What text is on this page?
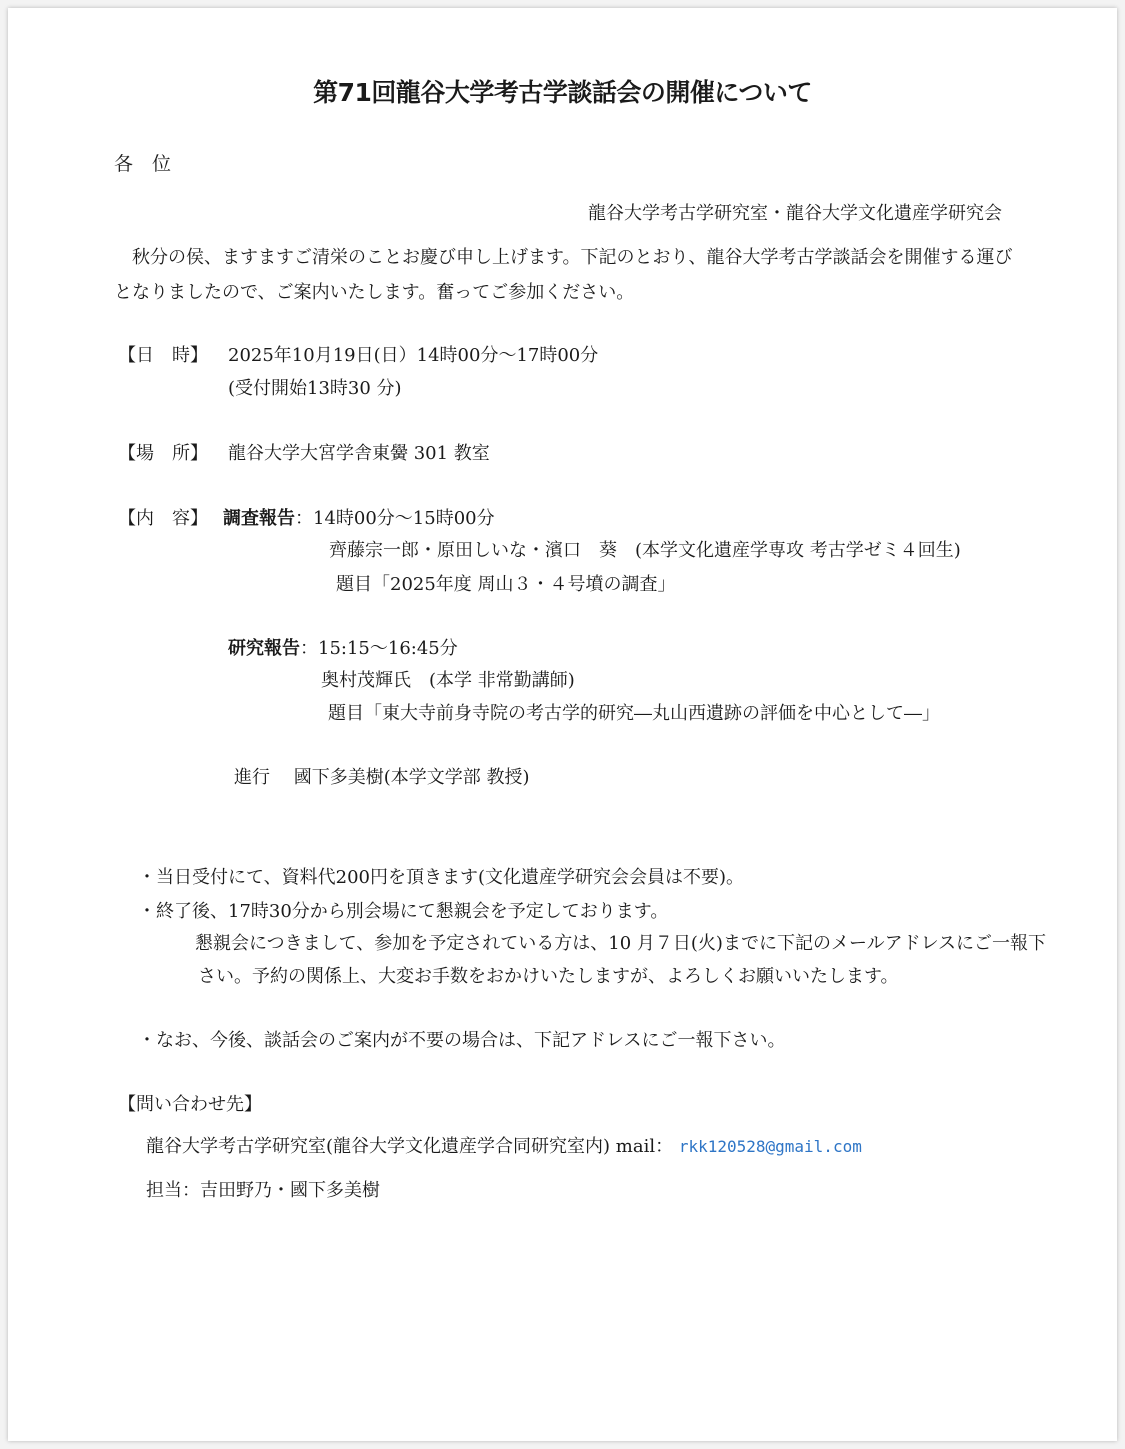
第71回龍谷大学考古学談話会の開催について
各　位
龍谷大学考古学研究室・龍谷大学文化遺産学研究会
秋分の侯、ますますご清栄のことお慶び申し上げます。下記のとおり、龍谷大学考古学談話会を開催する運び
となりましたので、ご案内いたします。奮ってご参加ください。
【日　時】 2025年10月19日(日）14時00分～17時00分
(受付開始13時30 分)
【場　所】 龍谷大学大宮学舎東黌 301 教室
【内　容】 調査報告：14時00分～15時00分
齊藤宗一郎・原田しいな・濱口　葵　(本学文化遺産学専攻 考古学ゼミ４回生)
題目「2025年度 周山３・４号墳の調査」
研究報告：15:15～16:45分
奥村茂輝氏　(本学 非常勤講師)
題目「東大寺前身寺院の考古学的研究―丸山西遺跡の評価を中心として―」
進行　 國下多美樹(本学文学部 教授)
・当日受付にて、資料代200円を頂きます(文化遺産学研究会会員は不要)。
・終了後、17時30分から別会場にて懇親会を予定しております。
懇親会につきまして、参加を予定されている方は、10 月７日(火)までに下記のメールアドレスにご一報下
さい。予約の関係上、大変お手数をおかけいたしますが、よろしくお願いいたします。
・なお、今後、談話会のご案内が不要の場合は、下記アドレスにご一報下さい。
【問い合わせ先】
龍谷大学考古学研究室(龍谷大学文化遺産学合同研究室内) mail： rkk120528@gmail.com
担当：吉田野乃・國下多美樹
